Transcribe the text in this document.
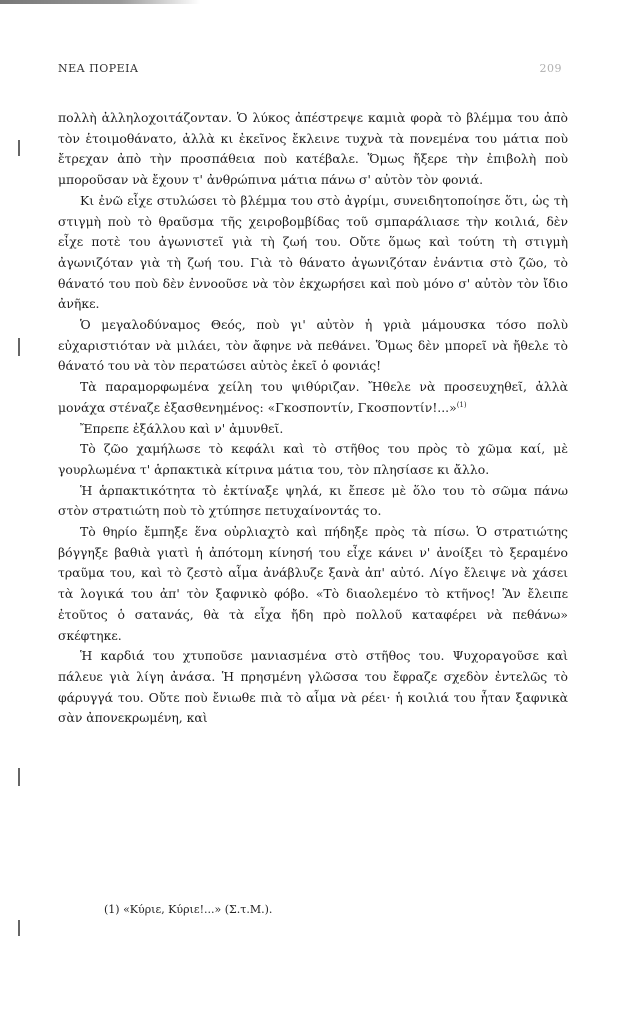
ΝΕΑ ΠΟΡΕΙΑ	209

πολλὴ ἀλληλοχοιτάζονταν. Ὁ λύκος ἀπέστρεψε καμιὰ φορὰ τὸ βλέμμα του ἀπὸ τὸν ἑτοιμοθάνατο, ἀλλὰ κι ἐκεῖνος ἔκλεινε τυχνὰ τὰ πονεμένα του μάτια ποὺ ἔτρεχαν ἀπὸ τὴν προσπάθεια ποὺ κατέβαλε. Ὅμως ἤξερε τὴν ἐπιβολὴ ποὺ μποροῦσαν νὰ ἔχουν τ' ἀνθρώπινα μάτια πάνω σ' αὐτὸν τὸν φονιά.

Κι ἐνῶ εἶχε στυλώσει τὸ βλέμμα του στὸ ἀγρίμι, συνειδητοποίησε ὅτι, ὡς τὴ στιγμὴ ποὺ τὸ θραῦσμα τῆς χειροβομβίδας τοῦ σμπαράλιασε τὴν κοιλιά, δὲν εἶχε ποτὲ του ἀγωνιστεῖ γιὰ τὴ ζωή του. Οὔτε ὅμως καὶ τούτη τὴ στιγμὴ ἀγωνιζόταν γιὰ τὴ ζωή του. Γιὰ τὸ θάνατο ἀγωνιζόταν ἐνάντια στὸ ζῶο, τὸ θάνατό του ποὺ δὲν ἐννοοῦσε νὰ τὸν ἐκχωρήσει καὶ ποὺ μόνο σ' αὐτὸν τὸν ἴδιο ἀνῆκε.

Ὁ μεγαλοδύναμος Θεός, ποὺ γι' αὐτὸν ἡ γριὰ μάμουσκα τόσο πολὺ εὐχαριστιόταν νὰ μιλάει, τὸν ἄφηνε νὰ πεθάνει. Ὅμως δὲν μπορεῖ νὰ ἤθελε τὸ θάνατό του νὰ τὸν περατώσει αὐτὸς ἐκεῖ ὁ φονιάς!

Τὰ παραμορφωμένα χείλη του ψιθύριζαν. Ἤθελε νὰ προσευχηθεῖ, ἀλλὰ μονάχα στέναζε ἐξασθενημένος: «Γκοσποντίν, Γκοσποντίν!...»$^{(1)}$

Ἔπρεπε ἐξάλλου καὶ ν' ἀμυνθεῖ.

Τὸ ζῶο χαμήλωσε τὸ κεφάλι καὶ τὸ στῆθος του πρὸς τὸ χῶμα καί, μὲ γουρλωμένα τ' ἁρπακτικὰ κίτρινα μάτια του, τὸν πλησίασε κι ἄλλο.

Ἡ ἁρπακτικότητα τὸ ἐκτίναξε ψηλά, κι ἔπεσε μὲ ὅλο του τὸ σῶμα πάνω στὸν στρατιώτη ποὺ τὸ χτύπησε πετυχαίνοντάς το.

Τὸ θηρίο ἔμπηξε ἕνα οὐρλιαχτὸ καὶ πήδηξε πρὸς τὰ πίσω. Ὁ στρατιώτης βόγγηξε βαθιὰ γιατὶ ἡ ἀπότομη κίνησή του εἶχε κάνει ν' ἀνοίξει τὸ ξεραμένο τραῦμα του, καὶ τὸ ζεστὸ αἷμα ἀνάβλυζε ξανὰ ἀπ' αὐτό. Λίγο ἔλειψε νὰ χάσει τὰ λογικά του ἀπ' τὸν ξαφνικὸ φόβο. «Τὸ διαολεμένο τὸ κτῆνος! Ἂν ἔλειπε ἐτοῦτος ὁ σατανάς, θὰ τὰ εἶχα ἤδη πρὸ πολλοῦ καταφέρει νὰ πεθάνω» σκέφτηκε.

Ἡ καρδιά του χτυποῦσε μανιασμένα στὸ στῆθος του. Ψυχοραγοῦσε καὶ πάλευε γιὰ λίγη ἀνάσα. Ἡ πρησμένη γλῶσσα του ἔφραζε σχεδὸν ἐντελῶς τὸ φάρυγγά του. Οὔτε ποὺ ἔνιωθε πιὰ τὸ αἷμα νὰ ρέει· ἡ κοιλιά του ἦταν ξαφνικὰ σὰν ἀπονεκρωμένη, καὶ

(1) «Κύριε, Κύριε!...» (Σ.τ.Μ.).
